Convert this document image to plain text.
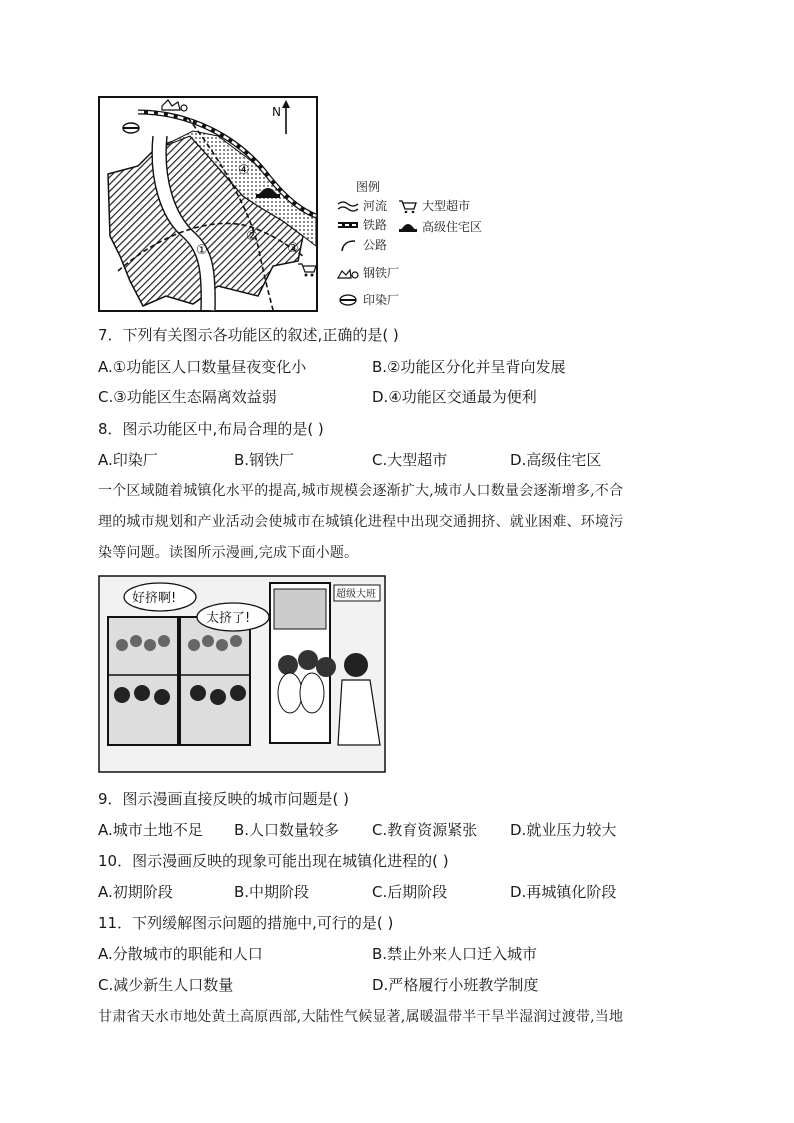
N
①
②
③
④
图例
河流
铁路
公路
钢铁厂
印染厂
大型超市
高级住宅区
7．下列有关图示各功能区的叙述,正确的是( )
A.①功能区人口数量昼夜变化小	B.②功能区分化并呈背向发展
C.③功能区生态隔离效益弱	D.④功能区交通最为便利
8．图示功能区中,布局合理的是( )
A.印染厂	B.钢铁厂	C.大型超市	D.高级住宅区
一个区域随着城镇化水平的提高,城市规模会逐渐扩大,城市人口数量会逐渐增多,不合
理的城市规划和产业活动会使城市在城镇化进程中出现交通拥挤、就业困难、环境污
染等问题。读图所示漫画,完成下面小题。
好挤啊!
太挤了!
超级大班
9．图示漫画直接反映的城市问题是( )
A.城市土地不足 B.人口数量较多 C.教育资源紧张 D.就业压力较大
10．图示漫画反映的现象可能出现在城镇化进程的( )
A.初期阶段	B.中期阶段	C.后期阶段	D.再城镇化阶段
11．下列缓解图示问题的措施中,可行的是( )
A.分散城市的职能和人口	B.禁止外来人口迁入城市
C.减少新生人口数量	D.严格履行小班教学制度
甘肃省天水市地处黄土高原西部,大陆性气候显著,属暖温带半干旱半湿润过渡带,当地
